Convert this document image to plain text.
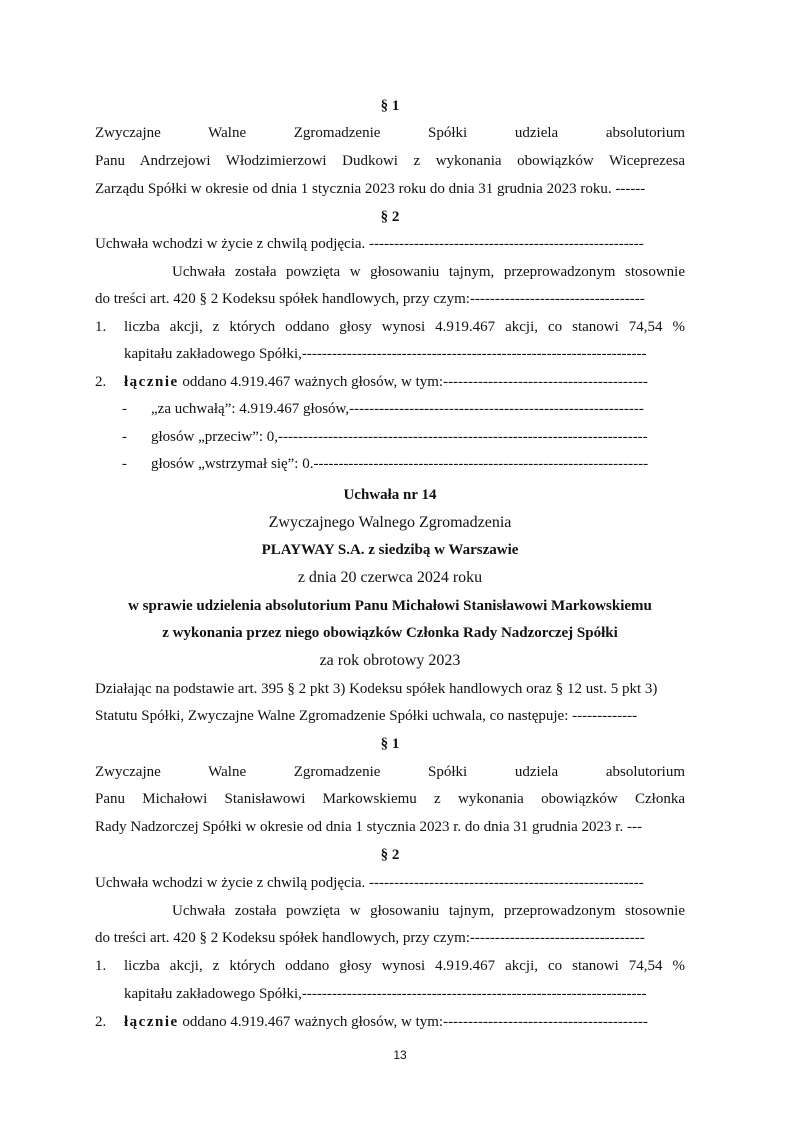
§ 1
Zwyczajne Walne Zgromadzenie Spółki udziela absolutorium
Panu Andrzejowi Włodzimierzowi Dudkowi z wykonania obowiązków Wiceprezesa
Zarządu Spółki w okresie od dnia 1 stycznia 2023 roku do dnia 31 grudnia 2023 roku. ------
§ 2
Uchwała wchodzi w życie z chwilą podjęcia. -------------------------------------------------------
Uchwała została powzięta w głosowaniu tajnym, przeprowadzonym stosownie
do treści art. 420 § 2 Kodeksu spółek handlowych, przy czym:-----------------------------------
1. liczba akcji, z których oddano głosy wynosi 4.919.467 akcji, co stanowi 74,54 %
kapitału zakładowego Spółki,---------------------------------------------------------------------
2. łącznie oddano 4.919.467 ważnych głosów, w tym:-----------------------------------------
- „za uchwałą”: 4.919.467 głosów,-----------------------------------------------------------
- głosów „przeciw”: 0,--------------------------------------------------------------------------
- głosów „wstrzymał się”: 0.-------------------------------------------------------------------
Uchwała nr 14
Zwyczajnego Walnego Zgromadzenia
PLAYWAY S.A. z siedzibą w Warszawie
z dnia 20 czerwca 2024 roku
w sprawie udzielenia absolutorium Panu Michałowi Stanisławowi Markowskiemu
z wykonania przez niego obowiązków Członka Rady Nadzorczej Spółki
za rok obrotowy 2023
Działając na podstawie art. 395 § 2 pkt 3) Kodeksu spółek handlowych oraz § 12 ust. 5 pkt 3)
Statutu Spółki, Zwyczajne Walne Zgromadzenie Spółki uchwala, co następuje: -------------
§ 1
Zwyczajne Walne Zgromadzenie Spółki udziela absolutorium
Panu Michałowi Stanisławowi Markowskiemu z wykonania obowiązków Członka
Rady Nadzorczej Spółki w okresie od dnia 1 stycznia 2023 r. do dnia 31 grudnia 2023 r. ---
§ 2
Uchwała wchodzi w życie z chwilą podjęcia. -------------------------------------------------------
Uchwała została powzięta w głosowaniu tajnym, przeprowadzonym stosownie
do treści art. 420 § 2 Kodeksu spółek handlowych, przy czym:-----------------------------------
1. liczba akcji, z których oddano głosy wynosi 4.919.467 akcji, co stanowi 74,54 %
kapitału zakładowego Spółki,---------------------------------------------------------------------
2. łącznie oddano 4.919.467 ważnych głosów, w tym:-----------------------------------------
13
